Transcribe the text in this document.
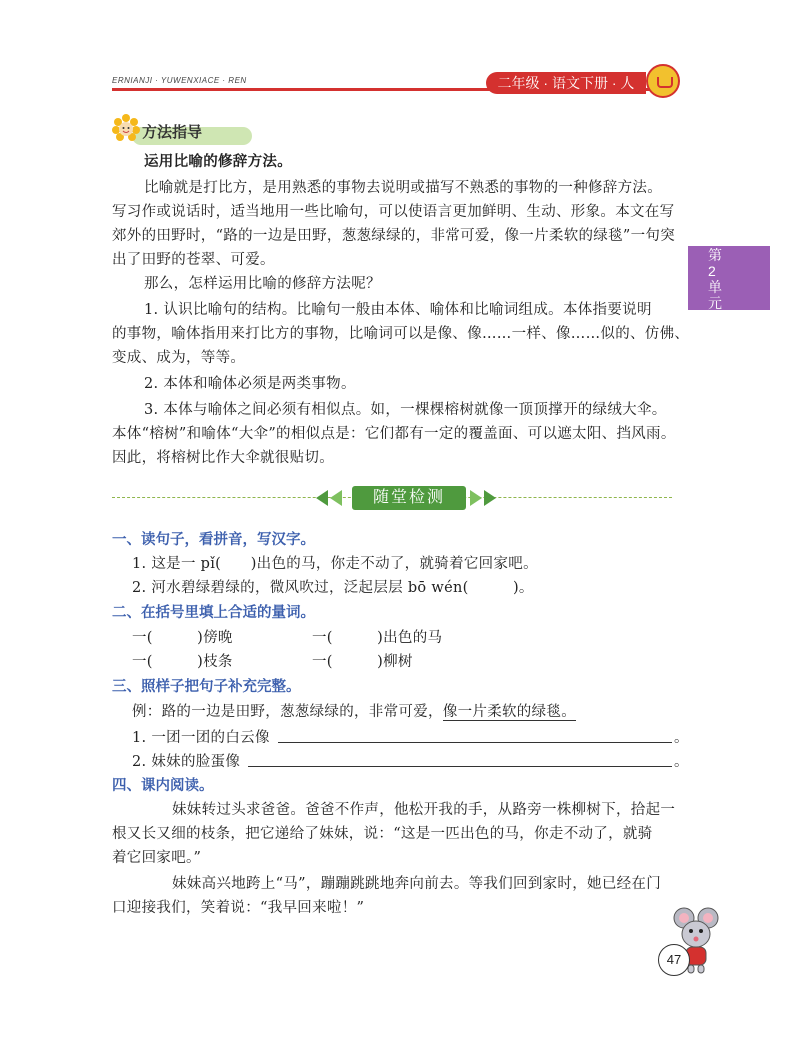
ERNIANJI · YUWENXIACE · REN	二年级 · 语文下册 · 人
第
2
单
元
方法指导
运用比喻的修辞方法。
比喻就是打比方，是用熟悉的事物去说明或描写不熟悉的事物的一种修辞方法。
写习作或说话时，适当地用一些比喻句，可以使语言更加鲜明、生动、形象。本文在写
郊外的田野时，“路的一边是田野，葱葱绿绿的，非常可爱，像一片柔软的绿毯”一句突
出了田野的苍翠、可爱。
那么，怎样运用比喻的修辞方法呢？
1. 认识比喻句的结构。比喻句一般由本体、喻体和比喻词组成。本体指要说明
的事物，喻体指用来打比方的事物，比喻词可以是像、像……一样、像……似的、仿佛、
变成、成为，等等。
2. 本体和喻体必须是两类事物。
3. 本体与喻体之间必须有相似点。如，一棵棵榕树就像一顶顶撑开的绿绒大伞。
本体“榕树”和喻体“大伞”的相似点是：它们都有一定的覆盖面、可以遮太阳、挡风雨。
因此，将榕树比作大伞就很贴切。
随堂检测
一、读句子，看拼音，写汉字。
1. 这是一 pǐ(　　)出色的马，你走不动了，就骑着它回家吧。
2. 河水碧绿碧绿的，微风吹过，泛起层层 bō wén(　　　)。
二、在括号里填上合适的量词。
一(　　　)傍晚	一(　　　)出色的马
一(　　　)枝条	一(　　　)柳树
三、照样子把句子补充完整。
例：路的一边是田野，葱葱绿绿的，非常可爱，像一片柔软的绿毯。
1. 一团一团的白云像	。
2. 妹妹的脸蛋像	。
四、课内阅读。
妹妹转过头求爸爸。爸爸不作声，他松开我的手，从路旁一株柳树下，拾起一
根又长又细的枝条，把它递给了妹妹，说：“这是一匹出色的马，你走不动了，就骑
着它回家吧。”
妹妹高兴地跨上“马”，蹦蹦跳跳地奔向前去。等我们回到家时，她已经在门
口迎接我们，笑着说：“我早回来啦！”
47
